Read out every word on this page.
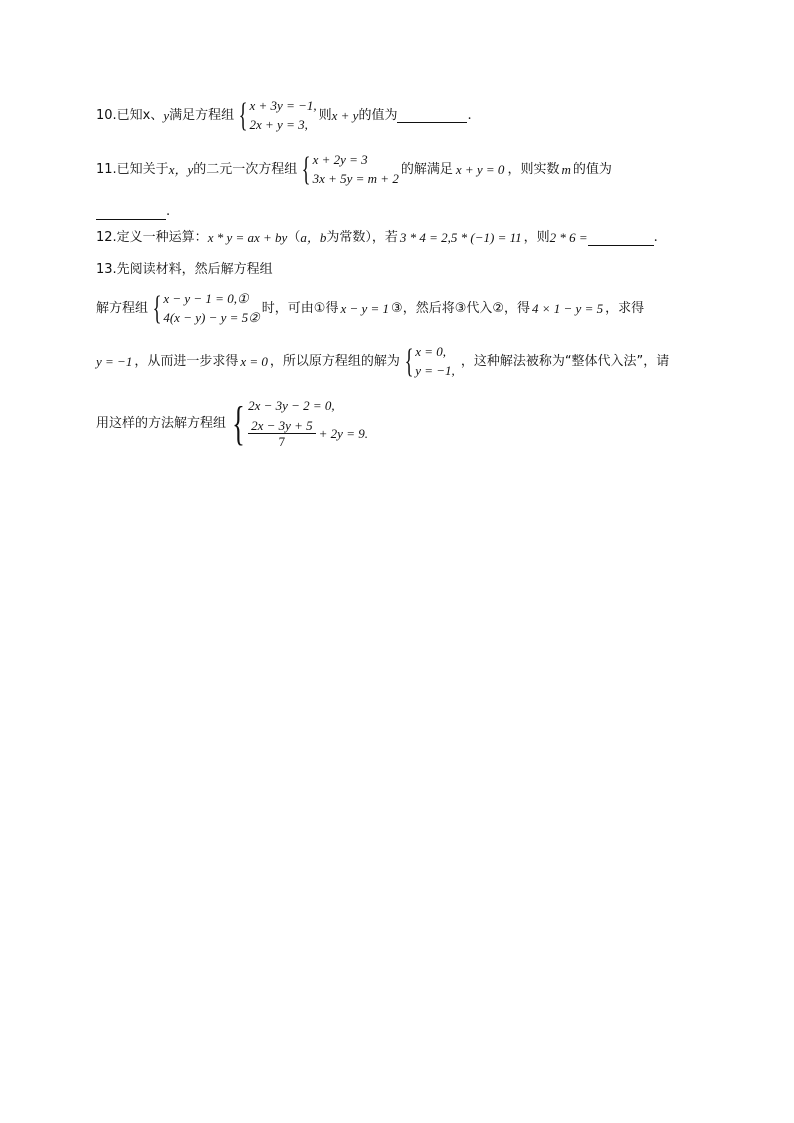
10.已知x、 y 满足方程组 { x + 3y = −1,
2x + y = 3,
则 x + y 的值为	.
11.已知关于 x，y 的二元一次方程组 { x + 2y = 3
3x + 5y = m + 2
的解满足 x + y = 0 ，则实数 m 的值为
.
12.定义一种运算： x * y = ax + by （ a，b 为常数），若 3 * 4 = 2,5 * (−1) = 11 ，则 2 * 6 =	.
13.先阅读材料，然后解方程组
解方程组 { x − y − 1 = 0,①
4(x − y) − y = 5②
时，可由①得 x − y = 1 ③，然后将③代入②，得 4 × 1 − y = 5 ，求得
y = −1 ，从而进一步求得 x = 0 ，所以原方程组的解为 { x = 0,
y = −1,
，这种解法被称为“整体代入法”，请
用这样的方法解方程组 { 2x − 3y − 2 = 0,
$\frac{2x - 3y + 5}{7} + 2y = 9$.
